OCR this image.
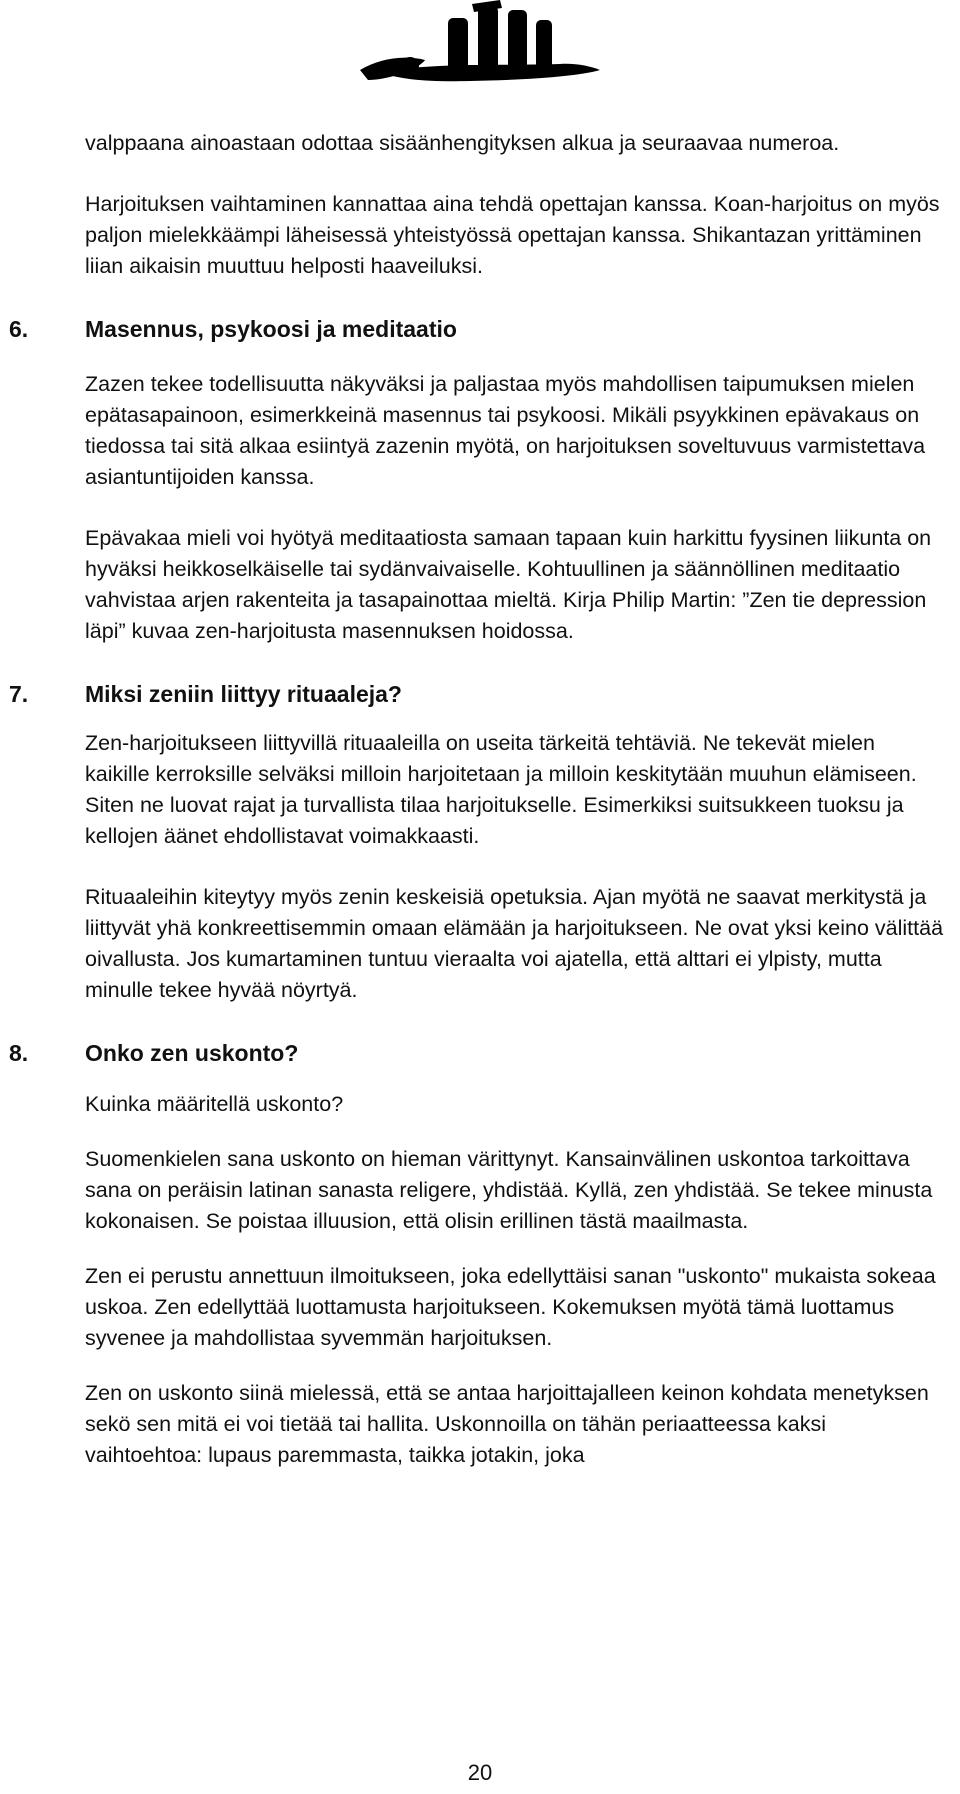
valppaana ainoastaan odottaa sisäänhengityksen alkua ja seuraavaa numeroa.

Harjoituksen vaihtaminen kannattaa aina tehdä opettajan kanssa. Koan-harjoitus on myös paljon mielekkäämpi läheisessä yhteistyössä opettajan kanssa. Shikantazan yrittäminen liian aikaisin muuttuu helposti haaveiluksi.

6. Masennus, psykoosi ja meditaatio

Zazen tekee todellisuutta näkyväksi ja paljastaa myös mahdollisen taipumuksen mielen epätasapainoon, esimerkkeinä masennus tai psykoosi. Mikäli psyykkinen epävakaus on tiedossa tai sitä alkaa esiintyä zazenin myötä, on harjoituksen soveltuvuus varmistettava asiantuntijoiden kanssa.

Epävakaa mieli voi hyötyä meditaatiosta samaan tapaan kuin harkittu fyysinen liikunta on hyväksi heikkoselkäiselle tai sydänvaivaiselle. Kohtuullinen ja säännöllinen meditaatio vahvistaa arjen rakenteita ja tasapainottaa mieltä. Kirja Philip Martin: ”Zen tie depression läpi” kuvaa zen-harjoitusta masennuksen hoidossa.

7. Miksi zeniin liittyy rituaaleja?

Zen-harjoitukseen liittyvillä rituaaleilla on useita tärkeitä tehtäviä. Ne tekevät mielen kaikille kerroksille selväksi milloin harjoitetaan ja milloin keskitytään muuhun elämiseen. Siten ne luovat rajat ja turvallista tilaa harjoitukselle. Esimerkiksi suitsukkeen tuoksu ja kellojen äänet ehdollistavat voimakkaasti.

Rituaaleihin kiteytyy myös zenin keskeisiä opetuksia. Ajan myötä ne saavat merkitystä ja liittyvät yhä konkreettisemmin omaan elämään ja harjoitukseen. Ne ovat yksi keino välittää oivallusta. Jos kumartaminen tuntuu vieraalta voi ajatella, että alttari ei ylpisty, mutta minulle tekee hyvää nöyrtyä.

8. Onko zen uskonto?

Kuinka määritellä uskonto?

Suomenkielen sana uskonto on hieman värittynyt. Kansainvälinen uskontoa tarkoittava sana on peräisin latinan sanasta religere, yhdistää. Kyllä, zen yhdistää. Se tekee minusta kokonaisen. Se poistaa illuusion, että olisin erillinen tästä maailmasta.

Zen ei perustu annettuun ilmoitukseen, joka edellyttäisi sanan "uskonto" mukaista sokeaa uskoa. Zen edellyttää luottamusta harjoitukseen. Kokemuksen myötä tämä luottamus syvenee ja mahdollistaa syvemmän harjoituksen.

Zen on uskonto siinä mielessä, että se antaa harjoittajalleen keinon kohdata menetyksen sekö sen mitä ei voi tietää tai hallita. Uskonnoilla on tähän periaatteessa kaksi vaihtoehtoa: lupaus paremmasta, taikka jotakin, joka

20
